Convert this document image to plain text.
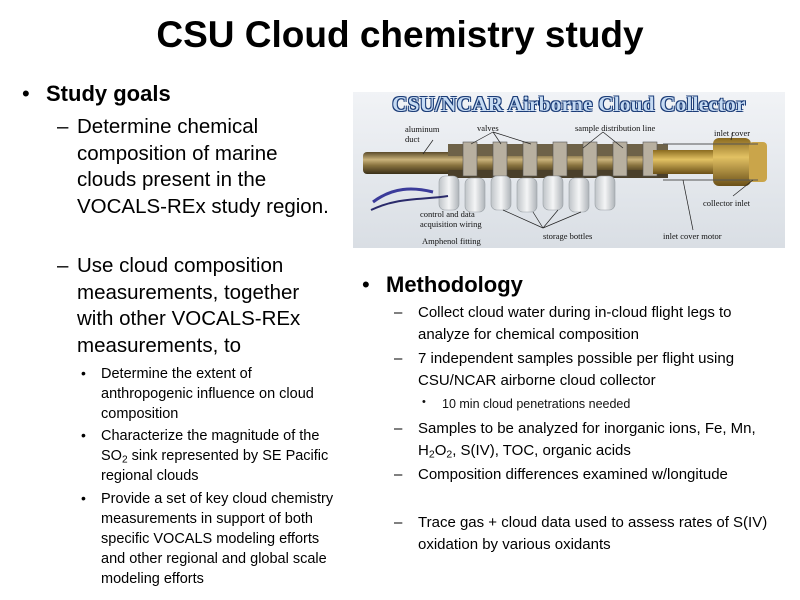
CSU Cloud chemistry study
• Study goals
– Determine chemical composition of marine clouds present in the VOCALS-REx study region.
– Use cloud composition measurements, together with other VOCALS-REx measurements, to
• Determine the extent of anthropogenic influence on cloud composition
• Characterize the magnitude of the $SO_2$ sink represented by SE Pacific regional clouds
• Provide a set of key cloud chemistry measurements in support of both specific VOCALS modeling efforts and other regional and global scale modeling efforts
CSU/NCAR Airborne Cloud Collector
aluminum duct
valves	sample distribution line	inlet cover
collector inlet
control and data acquisition wiring
Amphenol fitting	storage bottles	inlet cover motor
• Methodology
– Collect cloud water during in-cloud flight legs to analyze for chemical composition
– 7 independent samples possible per flight using CSU/NCAR airborne cloud collector
• 10 min cloud penetrations needed
– Samples to be analyzed for inorganic ions, Fe, Mn, $H_2O_2$, S(IV), TOC, organic acids
– Composition differences examined w/longitude
– Trace gas + cloud data used to assess rates of S(IV) oxidation by various oxidants
